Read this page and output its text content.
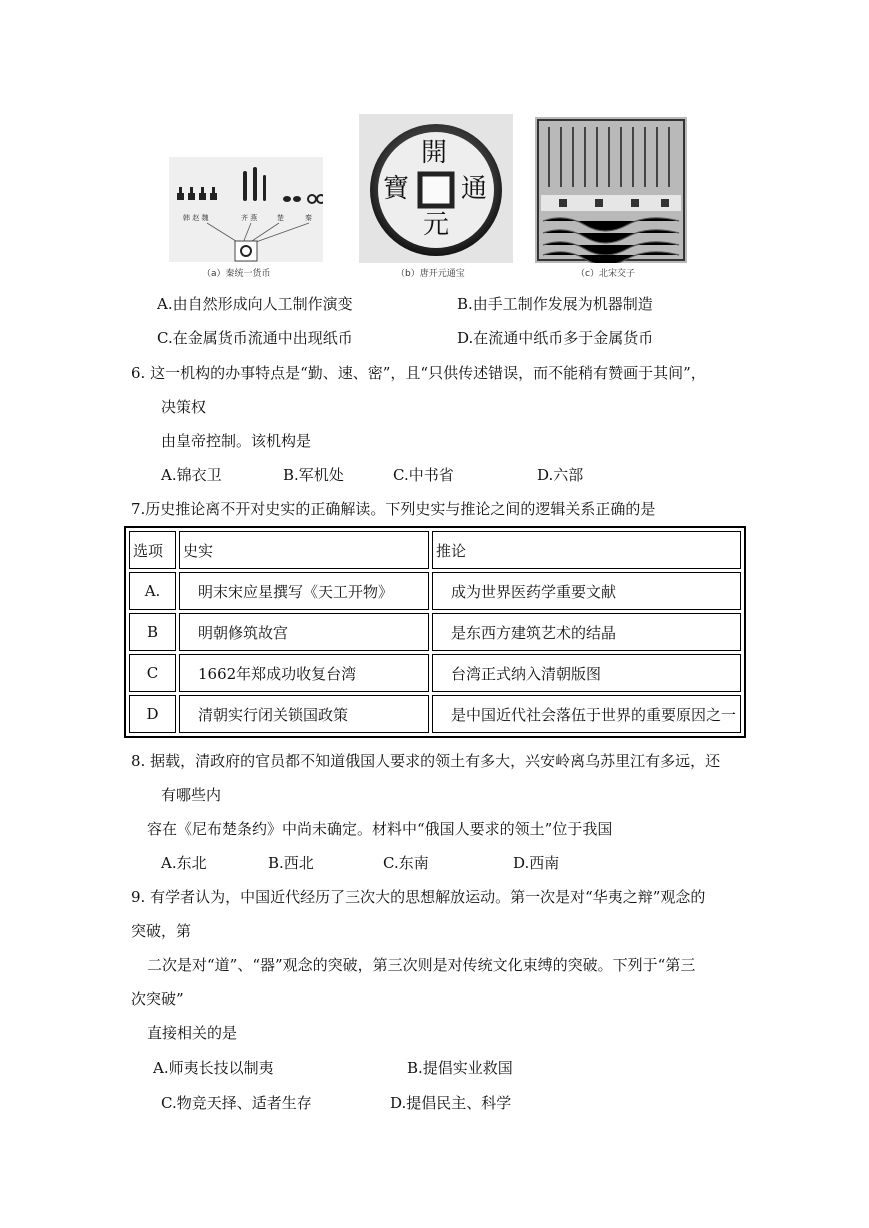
韩 赵 魏	齐 燕	楚	秦
（a）秦统一货币
開
通
元
寶
（b）唐开元通宝	（c）北宋交子
A.由自然形成向人工制作演变	B.由手工制作发展为机器制造
C.在金属货币流通中出现纸币	D.在流通中纸币多于金属货币
6. 这一机构的办事特点是“勤、速、密”，且“只供传述错误，而不能稍有赞画于其间”，
决策权
由皇帝控制。该机构是
A.锦衣卫	B.军机处	C.中书省	D.六部
7.历史推论离不开对史实的正确解读。下列史实与推论之间的逻辑关系正确的是
选项	史实	推论
A.	明末宋应星撰写《天工开物》	成为世界医药学重要文献
B	明朝修筑故宫	是东西方建筑艺术的结晶
C	1662年郑成功收复台湾	台湾正式纳入清朝版图
D	清朝实行闭关锁国政策	是中国近代社会落伍于世界的重要原因之一
8. 据载，清政府的官员都不知道俄国人要求的领土有多大，兴安岭离乌苏里江有多远，还
有哪些内
容在《尼布楚条约》中尚未确定。材料中“俄国人要求的领土”位于我国
A.东北	B.西北	C.东南	D.西南
9. 有学者认为，中国近代经历了三次大的思想解放运动。第一次是对“华夷之辩”观念的
突破，第
二次是对“道”、“器”观念的突破，第三次则是对传统文化束缚的突破。下列于“第三
次突破”
直接相关的是
A.师夷长技以制夷	B.提倡实业救国
C.物竞天择、适者生存	D.提倡民主、科学
